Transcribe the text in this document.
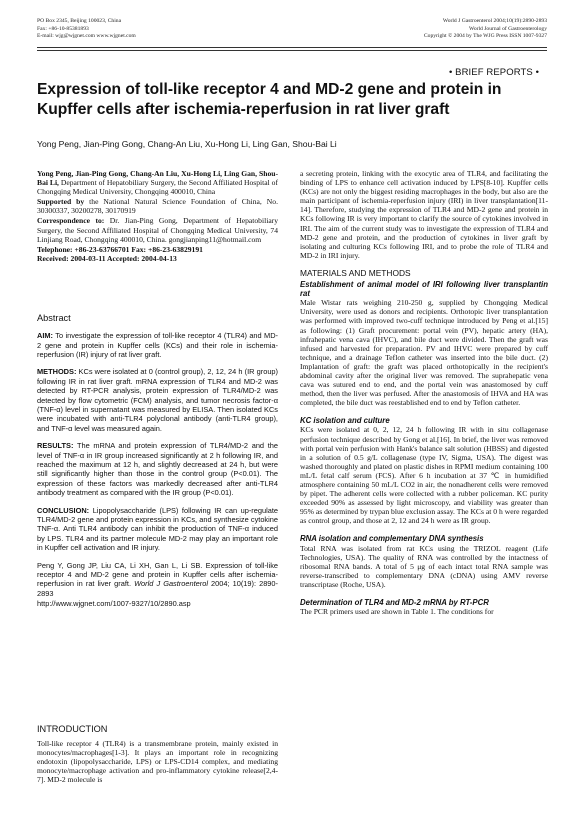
PO Box 2345, Beijing 100023, China
Fax: +86-10-85381893
E-mail: wjg@wjgnet.com www.wjgnet.com
World J Gastroenterol 2004;10(19):2890-2893
World Journal of Gastroenterology
Copyright © 2004 by The WJG Press ISSN 1007-9327
• BRIEF REPORTS •
Expression of toll-like receptor 4 and MD-2 gene and protein in Kupffer cells after ischemia-reperfusion in rat liver graft
Yong Peng, Jian-Ping Gong, Chang-An Liu, Xu-Hong Li, Ling Gan, Shou-Bai Li

Yong Peng, Jian-Ping Gong, Chang-An Liu, Xu-Hong Li, Ling Gan, Shou-Bai Li, Department of Hepatobiliary Surgery, the Second Affiliated Hospital of Chongqing Medical University, Chongqing 400010, China

Supported by the National Natural Science Foundation of China, No. 30300337, 30200278, 30170919

Correspondence to: Dr. Jian-Ping Gong, Department of Hepatobiliary Surgery, the Second Affiliated Hospital of Chongqing Medical University, 74 Linjiang Road, Chongqing 400010, China. gongjianping11@hotmail.com

Telephone: +86-23-63766701 Fax: +86-23-63829191

Received: 2004-03-11 Accepted: 2004-04-13

Abstract

AIM: To investigate the expression of toll-like receptor 4 (TLR4) and MD-2 gene and protein in Kupffer cells (KCs) and their role in ischemia-reperfusion (IR) injury of rat liver graft.

METHODS: KCs were isolated at 0 (control group), 2, 12, 24 h (IR group) following IR in rat liver graft. mRNA expression of TLR4 and MD-2 was detected by RT-PCR analysis, protein expression of TLR4/MD-2 was detected by flow cytometric (FCM) analysis, and tumor necrosis factor-α (TNF-α) level in supernatant was measured by ELISA. Then isolated KCs were incubated with anti-TLR4 polyclonal antibody (anti-TLR4 group), and TNF-α level was measured again.

RESULTS: The mRNA and protein expression of TLR4/MD-2 and the level of TNF-α in IR group increased significantly at 2 h following IR, and reached the maximum at 12 h, and slightly decreased at 24 h, but were still significantly higher than those in the control group (P<0.01). The expression of these factors was markedly decreased after anti-TLR4 antibody treatment as compared with the IR group (P<0.01).

CONCLUSION: Lipopolysaccharide (LPS) following IR can up-regulate TLR4/MD-2 gene and protein expression in KCs, and synthesize cytokine TNF-α. Anti TLR4 antibody can inhibit the production of TNF-α induced by LPS. TLR4 and its partner molecule MD-2 may play an important role in Kupffer cell activation and IR injury.

Peng Y, Gong JP, Liu CA, Li XH, Gan L, Li SB. Expression of toll-like receptor 4 and MD-2 gene and protein in Kupffer cells after ischemia-reperfusion in rat liver graft. World J Gastroenterol 2004; 10(19): 2890-2893

http://www.wjgnet.com/1007-9327/10/2890.asp

INTRODUCTION

Toll-like receptor 4 (TLR4) is a transmembrane protein, mainly existed in monocytes/macrophages[1-3]. It plays an important role in recognizing endotoxin (lipopolysaccharide, LPS) or LPS-CD14 complex, and mediating monocyte/macrophage activation and pro-inflammatory cytokine release[2,4-7]. MD-2 molecule is

a secreting protein, linking with the exocytic area of TLR4, and facilitating the binding of LPS to enhance cell activation induced by LPS[8-10]. Kupffer cells (KCs) are not only the biggest residing macrophages in the body, but also are the main participant of ischemia-reperfusion injury (IRI) in liver transplantation[11-14]. Therefore, studying the expression of TLR4 and MD-2 gene and protein in KCs following IR is very important to clarify the source of cytokines involved in IRI. The aim of the current study was to investigate the expression of TLR4 and MD-2 gene and protein, and the production of cytokines in liver graft by isolating and culturing KCs following IRI, and to probe the role of TLR4 and MD-2 in IRI injury.

MATERIALS AND METHODS
Establishment of animal model of IRI following liver transplantin rat

Male Wistar rats weighing 210-250 g, supplied by Chongqing Medical University, were used as donors and recipients. Orthotopic liver transplantation was performed with improved two-cuff technique introduced by Peng et al.[15] as following: (1) Graft procurement: portal vein (PV), hepatic artery (HA), infrahepatic vena cava (IHVC), and bile duct were divided. Then the graft was infused and harvested for preparation. PV and IHVC were prepared by cuff technique, and a drainage Teflon catheter was inserted into the bile duct. (2) Implantation of graft: the graft was placed orthotopically in the recipient's abdominal cavity after the original liver was removed. The suprahepatic vena cava was sutured end to end, and the portal vein was anastomosed by cuff method, then the liver was perfused. After the anastomosis of IHVA and HA was completed, the bile duct was reestablished end to end by Teflon catheter.

KC isolation and culture

KCs were isolated at 0, 2, 12, 24 h following IR with in situ collagenase perfusion technique described by Gong et al.[16]. In brief, the liver was removed with portal vein perfusion with Hank's balance salt solution (HBSS) and digested in a solution of 0.5 g/L collagenase (type IV, Sigma, USA). The digest was washed thoroughly and plated on plastic dishes in RPMI medium containing 100 mL/L fetal calf serum (FCS). After 6 h incubation at 37 ℃ in humidified atmosphere containing 50 mL/L CO2 in air, the nonadherent cells were removed by pipet. The adherent cells were collected with a rubber policeman. KC purity exceeded 90% as assessed by light microscopy, and viability was greater than 95% as determined by trypan blue exclusion assay. The KCs at 0 h were regarded as control group, and those at 2, 12 and 24 h were as IR group.

RNA isolation and complementary DNA synthesis

Total RNA was isolated from rat KCs using the TRIZOL reagent (Life Technologies, USA). The quality of RNA was controlled by the intactness of ribosomal RNA bands. A total of 5 μg of each intact total RNA sample was reverse-transcribed to complementary DNA (cDNA) using AMV reverse transcriptase (Roche, USA).

Determination of TLR4 and MD-2 mRNA by RT-PCR

The PCR primers used are shown in Table 1. The conditions for
